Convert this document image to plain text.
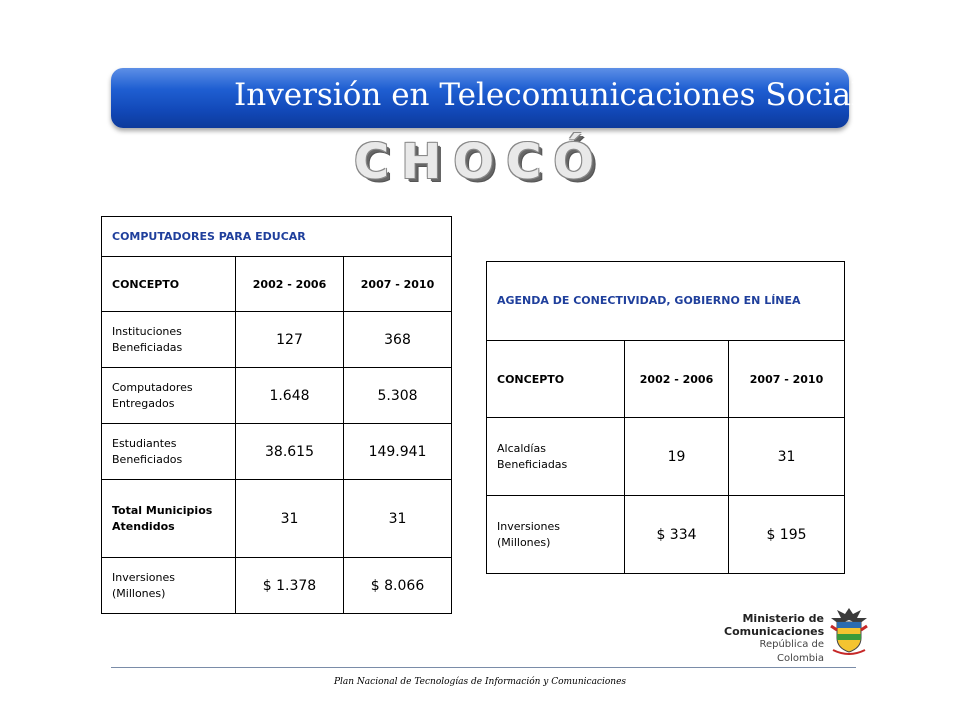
Inversión en Telecomunicaciones Sociales
CHOCÓ
COMPUTADORES PARA EDUCAR		
CONCEPTO	2002 - 2006	2007 - 2010
Instituciones Beneficiadas	127	368
Computadores Entregados	1.648	5.308
Estudiantes Beneficiados	38.615	149.941
Total Municipios Atendidos	31	31
Inversiones (Millones)	$ 1.378	$ 8.066
AGENDA DE CONECTIVIDAD, GOBIERNO EN LÍNEA		
CONCEPTO	2002 - 2006	2007 - 2010
Alcaldías Beneficiadas	19	31
Inversiones (Millones)	$ 334	$ 195
Ministerio de
Comunicaciones
República de Colombia
Plan Nacional de Tecnologías de Información y Comunicaciones
